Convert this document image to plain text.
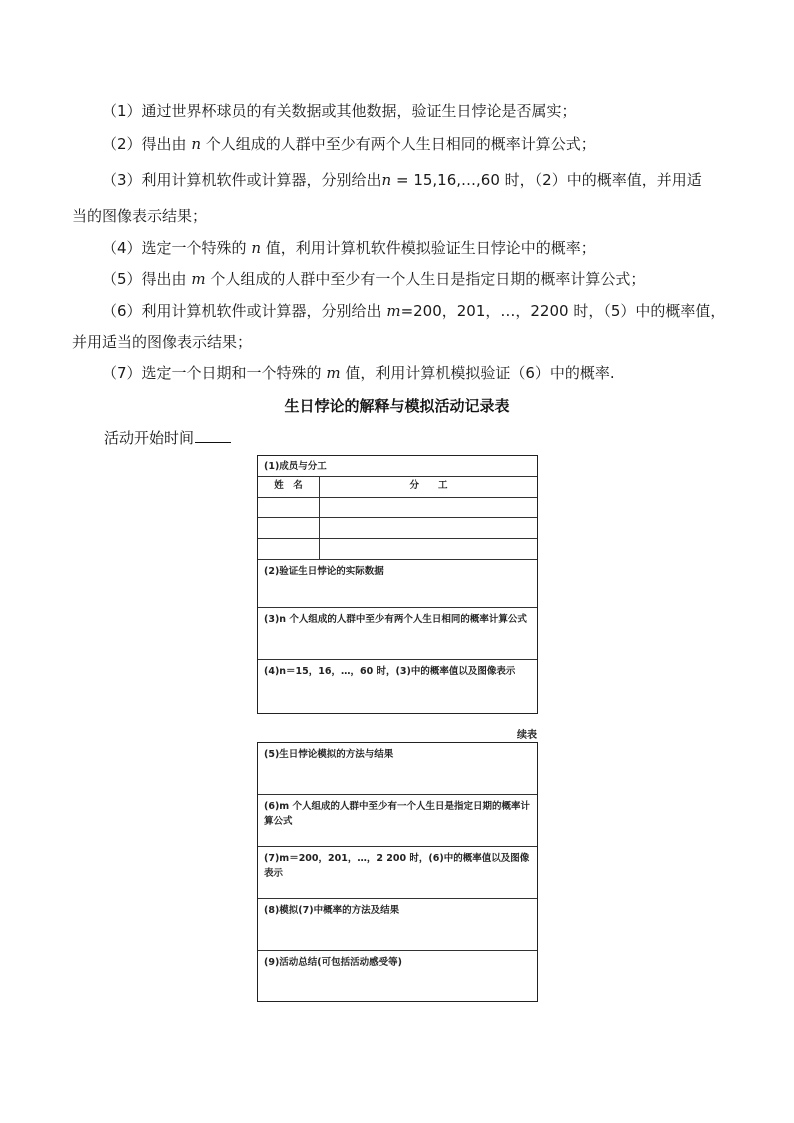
（1）通过世界杯球员的有关数据或其他数据，验证生日悖论是否属实；
（2）得出由 n 个人组成的人群中至少有两个人生日相同的概率计算公式；
（3）利用计算机软件或计算器，分别给出n = 15,16,…,60 时，（2）中的概率值，并用适
当的图像表示结果；
（4）选定一个特殊的 n 值，利用计算机软件模拟验证生日悖论中的概率；
（5）得出由 m 个人组成的人群中至少有一个人生日是指定日期的概率计算公式；
（6）利用计算机软件或计算器，分别给出 m=200，201，…，2200 时，（5）中的概率值，
并用适当的图像表示结果；
（7）选定一个日期和一个特殊的 m 值，利用计算机模拟验证（6）中的概率.
生日悖论的解释与模拟活动记录表
活动开始时间
(1)成员与分工
姓　名	分　　工
(2)验证生日悖论的实际数据
(3)n 个人组成的人群中至少有两个人生日相同的概率计算公式
(4)n＝15，16，…，60 时，(3)中的概率值以及图像表示
续表
(5)生日悖论模拟的方法与结果
(6)m 个人组成的人群中至少有一个人生日是指定日期的概率计算公式
(7)m＝200，201，…，2 200 时，(6)中的概率值以及图像表示
(8)模拟(7)中概率的方法及结果
(9)活动总结(可包括活动感受等)
